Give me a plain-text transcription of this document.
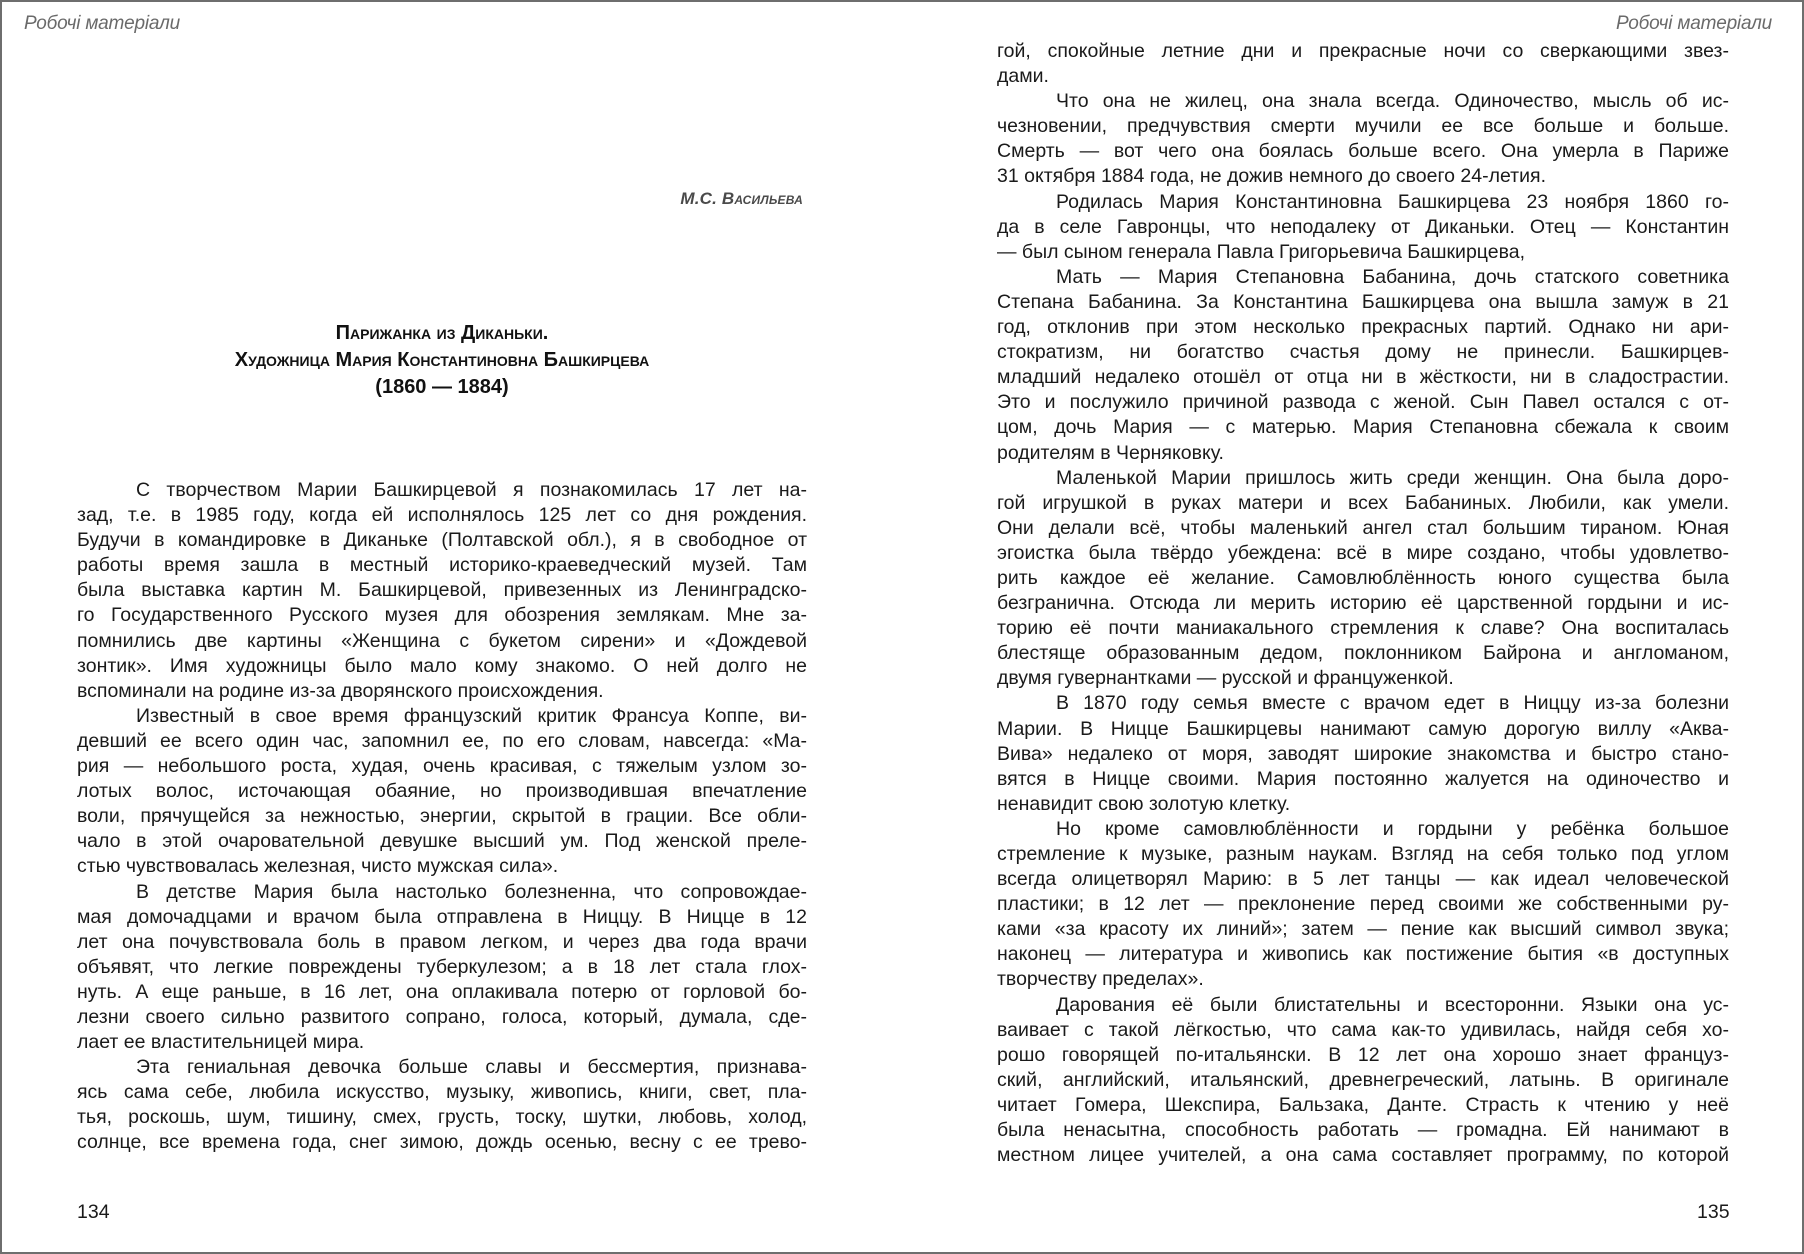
Робочі матеріали	Робочі матеріали
М.С. Васильева
Парижанка из Диканьки.
Художница Мария Константиновна Башкирцева
(1860 — 1884)
С творчеством Марии Башкирцевой я познакомилась 17 лет на-
зад, т.е. в 1985 году, когда ей исполнялось 125 лет со дня рождения.
Будучи в командировке в Диканьке (Полтавской обл.), я в свободное от
работы время зашла в местный историко-краеведческий музей. Там
была выставка картин М. Башкирцевой, привезенных из Ленинградско-
го Государственного Русского музея для обозрения землякам. Мне за-
помнились две картины «Женщина с букетом сирени» и «Дождевой
зонтик». Имя художницы было мало кому знакомо. О ней долго не
вспоминали на родине из-за дворянского происхождения.
Известный в свое время французский критик Франсуа Коппе, ви-
девший ее всего один час, запомнил ее, по его словам, навсегда: «Ма-
рия — небольшого роста, худая, очень красивая, с тяжелым узлом зо-
лотых волос, источающая обаяние, но производившая впечатление
воли, прячущейся за нежностью, энергии, скрытой в грации. Все обли-
чало в этой очаровательной девушке высший ум. Под женской преле-
стью чувствовалась железная, чисто мужская сила».
В детстве Мария была настолько болезненна, что сопровождае-
мая домочадцами и врачом была отправлена в Ниццу. В Ницце в 12
лет она почувствовала боль в правом легком, и через два года врачи
объявят, что легкие повреждены туберкулезом; а в 18 лет стала глох-
нуть. А еще раньше, в 16 лет, она оплакивала потерю от горловой бо-
лезни своего сильно развитого сопрано, голоса, который, думала, сде-
лает ее властительницей мира.
Эта гениальная девочка больше славы и бессмертия, признава-
ясь сама себе, любила искусство, музыку, живопись, книги, свет, пла-
тья, роскошь, шум, тишину, смех, грусть, тоску, шутки, любовь, холод,
солнце, все времена года, снег зимою, дождь осенью, весну с ее трево-
гой, спокойные летние дни и прекрасные ночи со сверкающими звез-
дами.
Что она не жилец, она знала всегда. Одиночество, мысль об ис-
чезновении, предчувствия смерти мучили ее все больше и больше.
Смерть — вот чего она боялась больше всего. Она умерла в Париже
31 октября 1884 года, не дожив немного до своего 24-летия.
Родилась Мария Константиновна Башкирцева 23 ноября 1860 го-
да в селе Гавронцы, что неподалеку от Диканьки. Отец — Константин
— был сыном генерала Павла Григорьевича Башкирцева,
Мать — Мария Степановна Бабанина, дочь статского советника
Степана Бабанина. За Константина Башкирцева она вышла замуж в 21
год, отклонив при этом несколько прекрасных партий. Однако ни ари-
стократизм, ни богатство счастья дому не принесли. Башкирцев-
младший недалеко отошёл от отца ни в жёсткости, ни в сладострастии.
Это и послужило причиной развода с женой. Сын Павел остался с от-
цом, дочь Мария — с матерью. Мария Степановна сбежала к своим
родителям в Черняковку.
Маленькой Марии пришлось жить среди женщин. Она была доро-
гой игрушкой в руках матери и всех Бабаниных. Любили, как умели.
Они делали всё, чтобы маленький ангел стал большим тираном. Юная
эгоистка была твёрдо убеждена: всё в мире создано, чтобы удовлетво-
рить каждое её желание. Самовлюблённость юного существа была
безгранична. Отсюда ли мерить историю её царственной гордыни и ис-
торию её почти маниакального стремления к славе? Она воспиталась
блестяще образованным дедом, поклонником Байрона и англоманом,
двумя гувернантками — русской и француженкой.
В 1870 году семья вместе с врачом едет в Ниццу из-за болезни
Марии. В Ницце Башкирцевы нанимают самую дорогую виллу «Аква-
Вива» недалеко от моря, заводят широкие знакомства и быстро стано-
вятся в Ницце своими. Мария постоянно жалуется на одиночество и
ненавидит свою золотую клетку.
Но кроме самовлюблённости и гордыни у ребёнка большое
стремление к музыке, разным наукам. Взгляд на себя только под углом
всегда олицетворял Марию: в 5 лет танцы — как идеал человеческой
пластики; в 12 лет — преклонение перед своими же собственными ру-
ками «за красоту их линий»; затем — пение как высший символ звука;
наконец — литература и живопись как постижение бытия «в доступных
творчеству пределах».
Дарования её были блистательны и всесторонни. Языки она ус-
ваивает с такой лёгкостью, что сама как-то удивилась, найдя себя хо-
рошо говорящей по-итальянски. В 12 лет она хорошо знает француз-
ский, английский, итальянский, древнегреческий, латынь. В оригинале
читает Гомера, Шекспира, Бальзака, Данте. Страсть к чтению у неё
была ненасытна, способность работать — громадна. Ей нанимают в
местном лицее учителей, а она сама составляет программу, по которой
134	135
